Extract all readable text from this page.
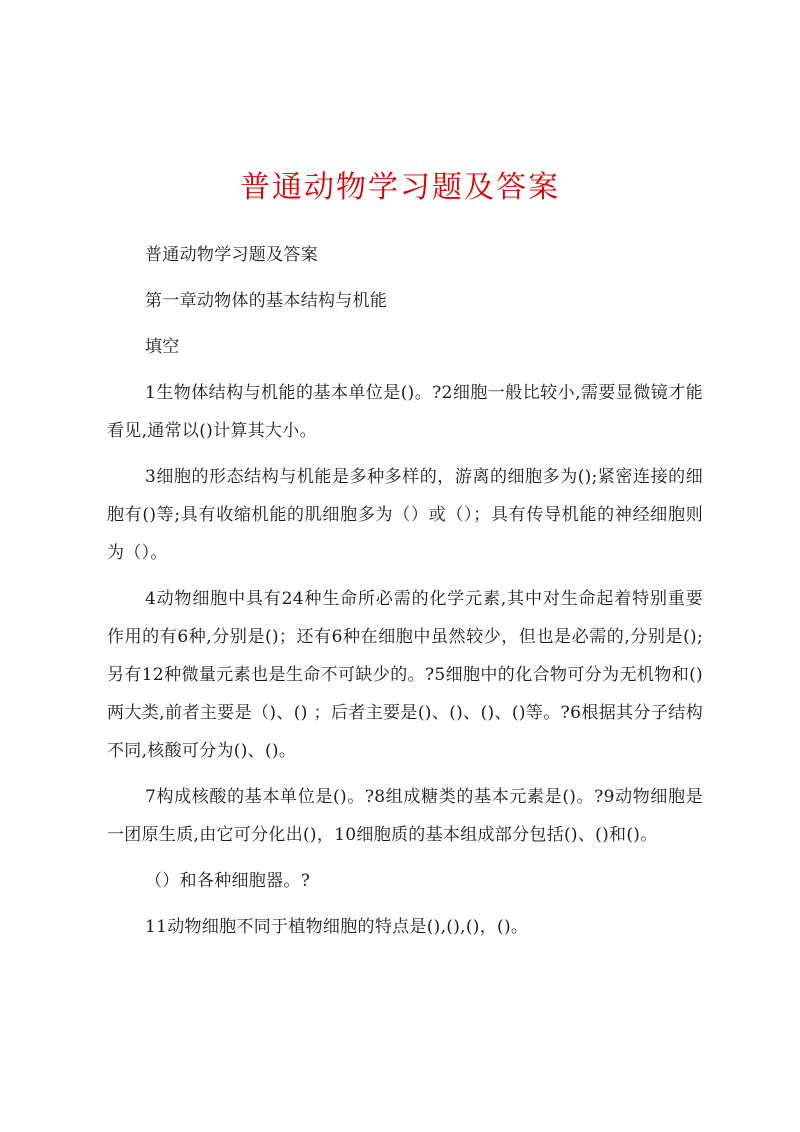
普通动物学习题及答案

普通动物学习题及答案

第一章动物体的基本结构与机能

填空

1生物体结构与机能的基本单位是()。?2细胞一般比较小,需要显微镜才能看见,通常以()计算其大小。

3细胞的形态结构与机能是多种多样的，游离的细胞多为();紧密连接的细胞有()等;具有收缩机能的肌细胞多为（）或（）；具有传导机能的神经细胞则为（）。

4动物细胞中具有24种生命所必需的化学元素,其中对生命起着特别重要作用的有6种,分别是()；还有6种在细胞中虽然较少，但也是必需的,分别是();另有12种微量元素也是生命不可缺少的。?5细胞中的化合物可分为无机物和() 两大类,前者主要是（)、() ；后者主要是()、()、()、()等。?6根据其分子结构不同,核酸可分为()、()。

7构成核酸的基本单位是()。?8组成糖类的基本元素是()。?9动物细胞是一团原生质,由它可分化出()，10细胞质的基本组成部分包括()、()和()。

（）和各种细胞器。?

11动物细胞不同于植物细胞的特点是(),(),()，()。
